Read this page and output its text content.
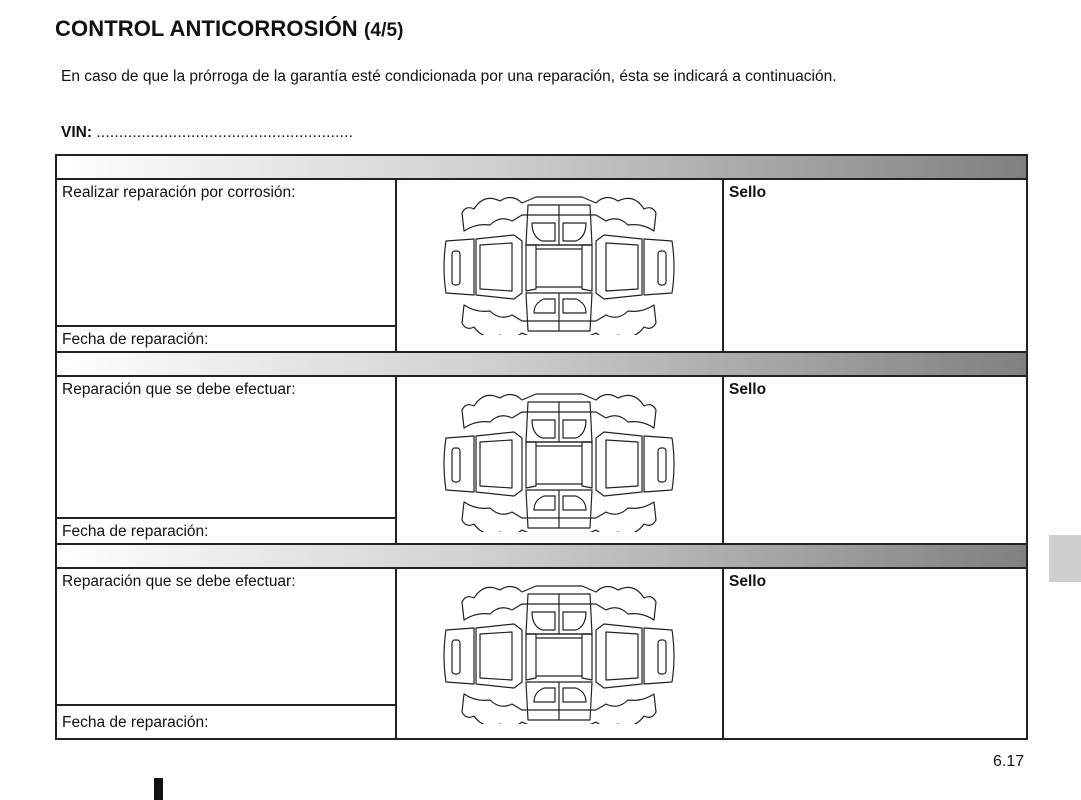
CONTROL ANTICORROSIÓN (4/5)
En caso de que la prórroga de la garantía esté condicionada por una reparación, ésta se indicará a continuación.
VIN: .........................................................
Realizar reparación por corrosión:
Fecha de reparación:
Sello
Reparación que se debe efectuar:
Fecha de reparación:
Sello
Reparación que se debe efectuar:
Fecha de reparación:
Sello
6.17
